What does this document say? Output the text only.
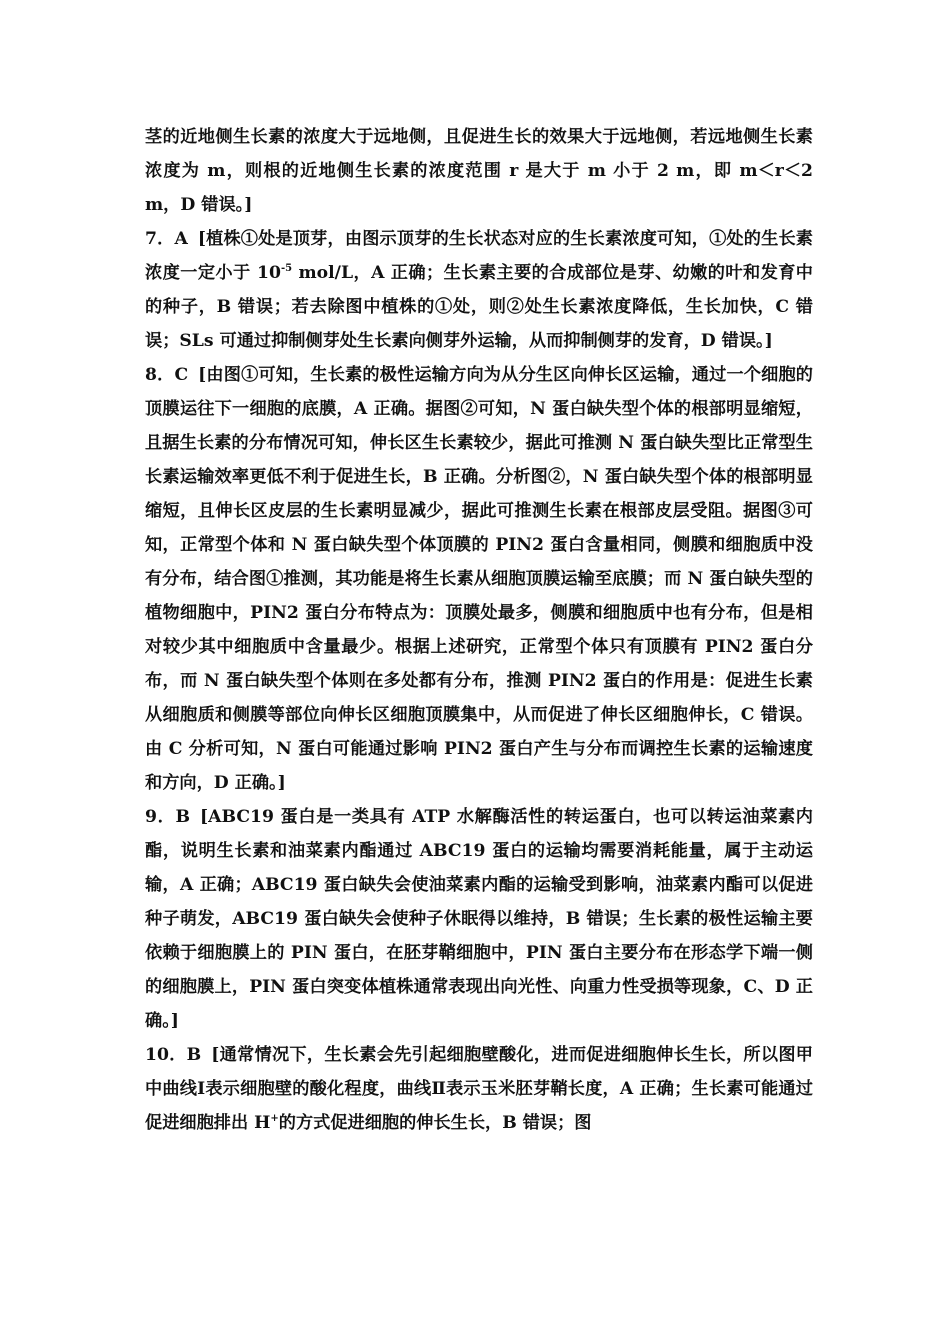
茎的近地侧生长素的浓度大于远地侧，且促进生长的效果大于远地侧，若远地侧生长素浓度为 m，则根的近地侧生长素的浓度范围 r 是大于 m 小于 2 m，即 m＜r＜2 m，D 错误。]

7．A [植株①处是顶芽，由图示顶芽的生长状态对应的生长素浓度可知，①处的生长素浓度一定小于 $10^{-5}$ mol/L，A 正确；生长素主要的合成部位是芽、幼嫩的叶和发育中的种子，B 错误；若去除图中植株的①处，则②处生长素浓度降低，生长加快，C 错误；SLs 可通过抑制侧芽处生长素向侧芽外运输，从而抑制侧芽的发育，D 错误。]

8．C [由图①可知，生长素的极性运输方向为从分生区向伸长区运输，通过一个细胞的顶膜运往下一细胞的底膜，A 正确。据图②可知，N 蛋白缺失型个体的根部明显缩短，且据生长素的分布情况可知，伸长区生长素较少，据此可推测 N 蛋白缺失型比正常型生长素运输效率更低不利于促进生长，B 正确。分析图②，N 蛋白缺失型个体的根部明显缩短，且伸长区皮层的生长素明显减少，据此可推测生长素在根部皮层受阻。据图③可知，正常型个体和 N 蛋白缺失型个体顶膜的 PIN2 蛋白含量相同，侧膜和细胞质中没有分布，结合图①推测，其功能是将生长素从细胞顶膜运输至底膜；而 N 蛋白缺失型的植物细胞中，PIN2 蛋白分布特点为：顶膜处最多，侧膜和细胞质中也有分布，但是相对较少其中细胞质中含量最少。根据上述研究，正常型个体只有顶膜有 PIN2 蛋白分布，而 N 蛋白缺失型个体则在多处都有分布，推测 PIN2 蛋白的作用是：促进生长素从细胞质和侧膜等部位向伸长区细胞顶膜集中，从而促进了伸长区细胞伸长，C 错误。由 C 分析可知，N 蛋白可能通过影响 PIN2 蛋白产生与分布而调控生长素的运输速度和方向，D 正确。]

9．B [ABC19 蛋白是一类具有 ATP 水解酶活性的转运蛋白，也可以转运油菜素内酯，说明生长素和油菜素内酯通过 ABC19 蛋白的运输均需要消耗能量，属于主动运输，A 正确；ABC19 蛋白缺失会使油菜素内酯的运输受到影响，油菜素内酯可以促进种子萌发，ABC19 蛋白缺失会使种子休眠得以维持，B 错误；生长素的极性运输主要依赖于细胞膜上的 PIN 蛋白，在胚芽鞘细胞中，PIN 蛋白主要分布在形态学下端一侧的细胞膜上，PIN 蛋白突变体植株通常表现出向光性、向重力性受损等现象，C、D 正确。]

10．B [通常情况下，生长素会先引起细胞壁酸化，进而促进细胞伸长生长，所以图甲中曲线Ⅰ表示细胞壁的酸化程度，曲线Ⅱ表示玉米胚芽鞘长度，A 正确；生长素可能通过促进细胞排出 H+的方式促进细胞的伸长生长，B 错误；图
